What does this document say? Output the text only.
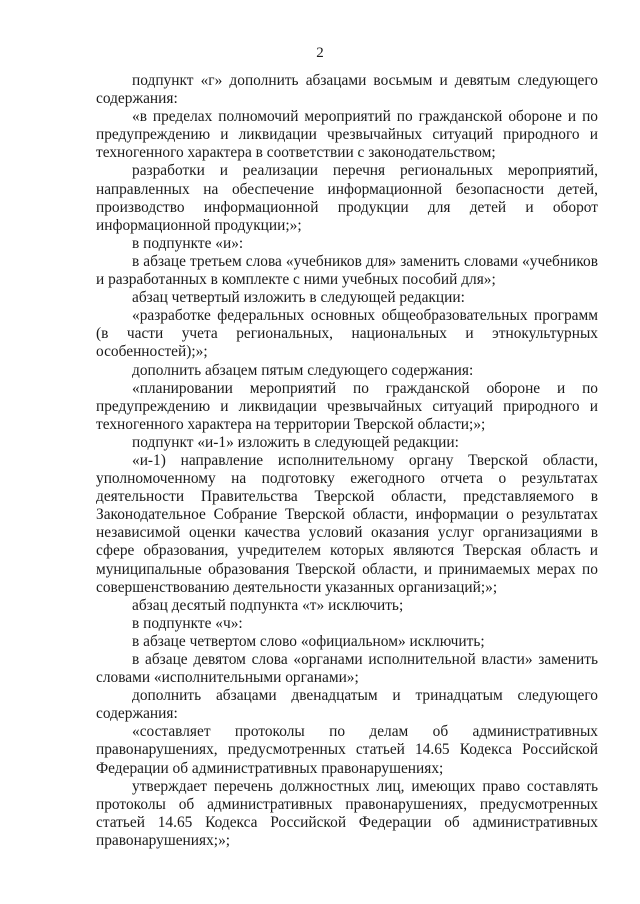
2

подпункт «г» дополнить абзацами восьмым и девятым следующего содержания:

«в пределах полномочий мероприятий по гражданской обороне и по предупреждению и ликвидации чрезвычайных ситуаций природного и техногенного характера в соответствии с законодательством;

разработки и реализации перечня региональных мероприятий, направленных на обеспечение информационной безопасности детей, производство информационной продукции для детей и оборот информационной продукции;»;

в подпункте «и»:

в абзаце третьем слова «учебников для» заменить словами «учебников и разработанных в комплекте с ними учебных пособий для»;

абзац четвертый изложить в следующей редакции:

«разработке федеральных основных общеобразовательных программ (в части учета региональных, национальных и этнокультурных особенностей);»;

дополнить абзацем пятым следующего содержания:

«планировании мероприятий по гражданской обороне и по предупреждению и ликвидации чрезвычайных ситуаций природного и техногенного характера на территории Тверской области;»;

подпункт «и-1» изложить в следующей редакции:

«и-1) направление исполнительному органу Тверской области, уполномоченному на подготовку ежегодного отчета о результатах деятельности Правительства Тверской области, представляемого в Законодательное Собрание Тверской области, информации о результатах независимой оценки качества условий оказания услуг организациями в сфере образования, учредителем которых являются Тверская область и муниципальные образования Тверской области, и принимаемых мерах по совершенствованию деятельности указанных организаций;»;

абзац десятый подпункта «т» исключить;

в подпункте «ч»:

в абзаце четвертом слово «официальном» исключить;

в абзаце девятом слова «органами исполнительной власти» заменить словами «исполнительными органами»;

дополнить абзацами двенадцатым и тринадцатым следующего содержания:

«составляет протоколы по делам об административных правонарушениях, предусмотренных статьей 14.65 Кодекса Российской Федерации об административных правонарушениях;

утверждает перечень должностных лиц, имеющих право составлять протоколы об административных правонарушениях, предусмотренных статьей 14.65 Кодекса Российской Федерации об административных правонарушениях;»;
